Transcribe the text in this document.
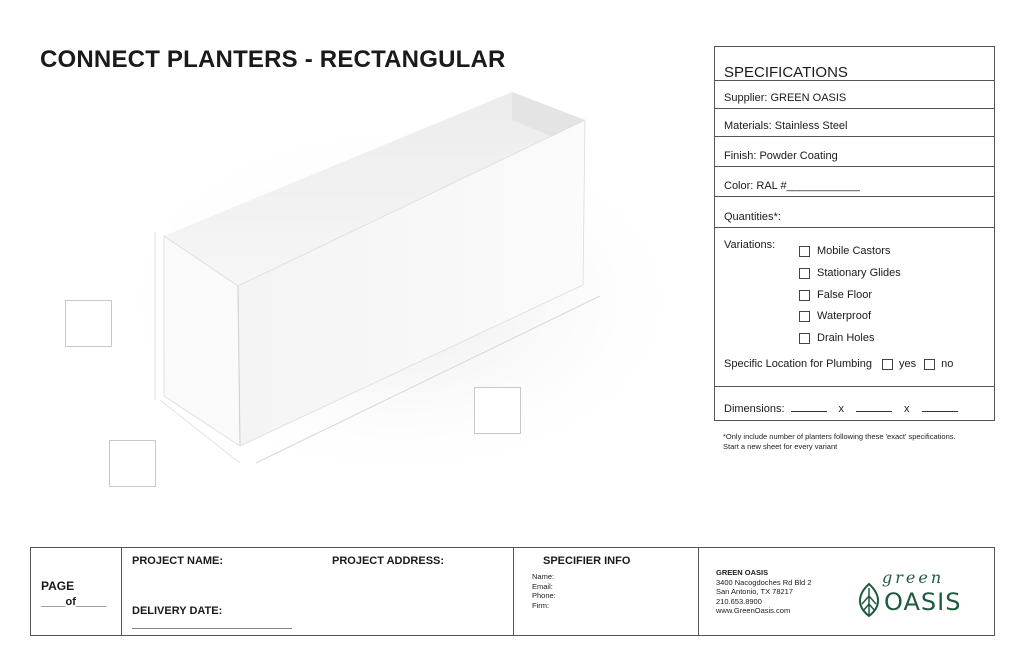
CONNECT PLANTERS - RECTANGULAR	SPECIFICATIONS
Supplier: GREEN OASIS
Materials: Stainless Steel
Finish: Powder Coating
Color: RAL #____________
Quantities*:
Variations:	Mobile Castors
Stationary Glides
False Floor
Waterproof
Drain Holes
Specific Location for Plumbing yes no
Dimensions:	x	x
*Only include number of planters following these 'exact' specifications. Start a new sheet for every variant
PAGE
____of_____
PROJECT NAME:	PROJECT ADDRESS:
DELIVERY DATE:
SPECIFIER INFO
Name:
Email:
Phone:
Firm:
GREEN OASIS
3400 Nacogdoches Rd Bld 2
San Antonio, TX 78217
210.653.8900
www.GreenOasis.com
green
OASIS
